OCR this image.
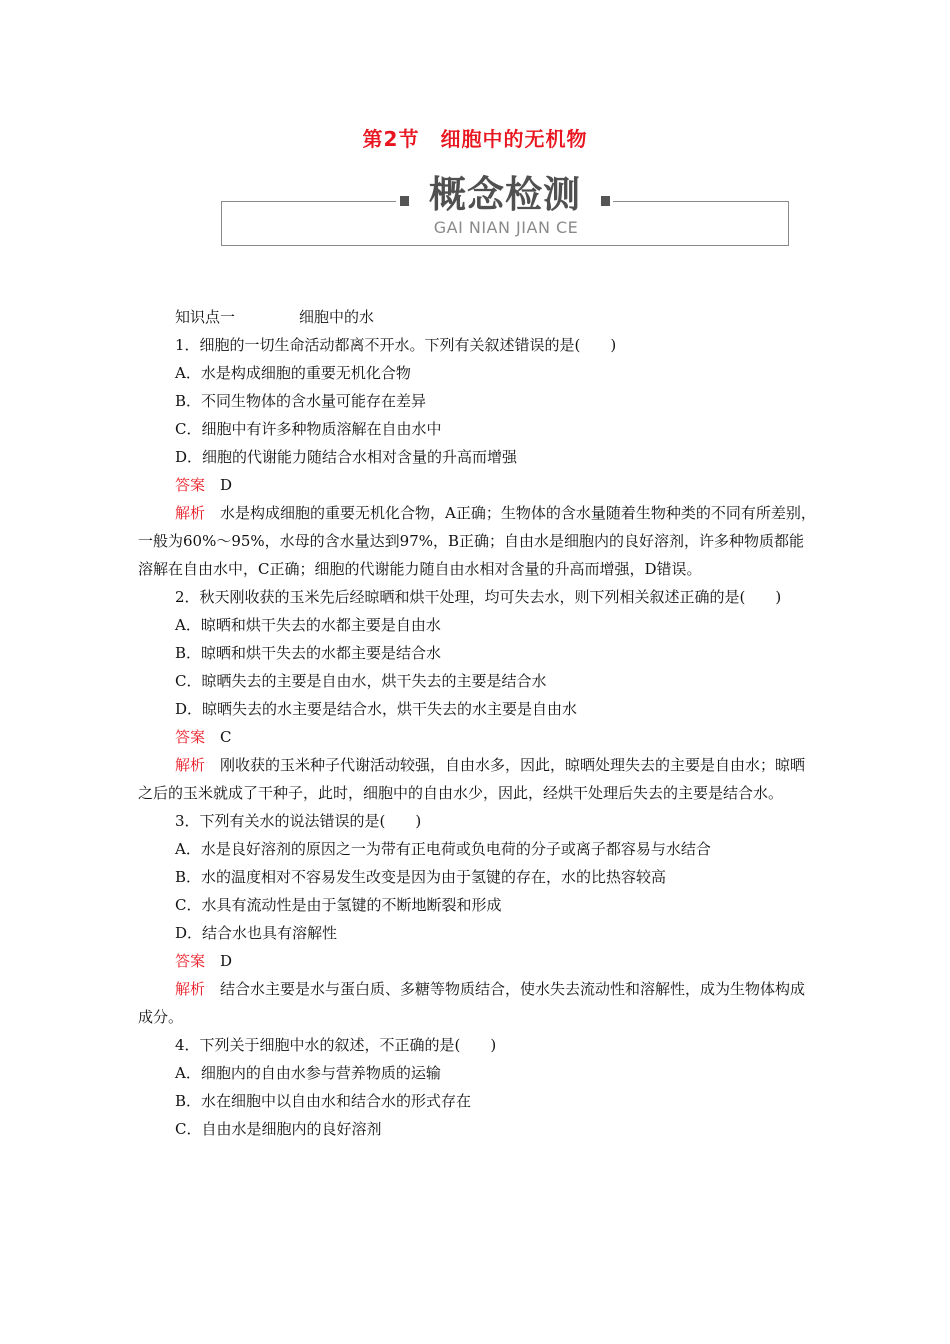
第2节　细胞中的无机物
概念检测
GAI NIAN JIAN CE

知识点一	细胞中的水

1．细胞的一切生命活动都离不开水。下列有关叙述错误的是(　　)

A．水是构成细胞的重要无机化合物

B．不同生物体的含水量可能存在差异

C．细胞中有许多种物质溶解在自由水中

D．细胞的代谢能力随结合水相对含量的升高而增强

答案　 D

解析　 水是构成细胞的重要无机化合物，A正确；生物体的含水量随着生物种类的不同有所差别，一般为60%～95%，水母的含水量达到97%，B正确；自由水是细胞内的良好溶剂，许多种物质都能溶解在自由水中，C正确；细胞的代谢能力随自由水相对含量的升高而增强，D错误。

2．秋天刚收获的玉米先后经晾晒和烘干处理，均可失去水，则下列相关叙述正确的是(　　)

A．晾晒和烘干失去的水都主要是自由水

B．晾晒和烘干失去的水都主要是结合水

C．晾晒失去的主要是自由水，烘干失去的主要是结合水

D．晾晒失去的水主要是结合水，烘干失去的水主要是自由水

答案　 C

解析　 刚收获的玉米种子代谢活动较强，自由水多，因此，晾晒处理失去的主要是自由水；晾晒之后的玉米就成了干种子，此时，细胞中的自由水少，因此，经烘干处理后失去的主要是结合水。

3．下列有关水的说法错误的是(　　)

A．水是良好溶剂的原因之一为带有正电荷或负电荷的分子或离子都容易与水结合

B．水的温度相对不容易发生改变是因为由于氢键的存在，水的比热容较高

C．水具有流动性是由于氢键的不断地断裂和形成

D．结合水也具有溶解性

答案　 D

解析　 结合水主要是水与蛋白质、多糖等物质结合，使水失去流动性和溶解性，成为生物体构成成分。

4．下列关于细胞中水的叙述，不正确的是(　　)

A．细胞内的自由水参与营养物质的运输

B．水在细胞中以自由水和结合水的形式存在

C．自由水是细胞内的良好溶剂
